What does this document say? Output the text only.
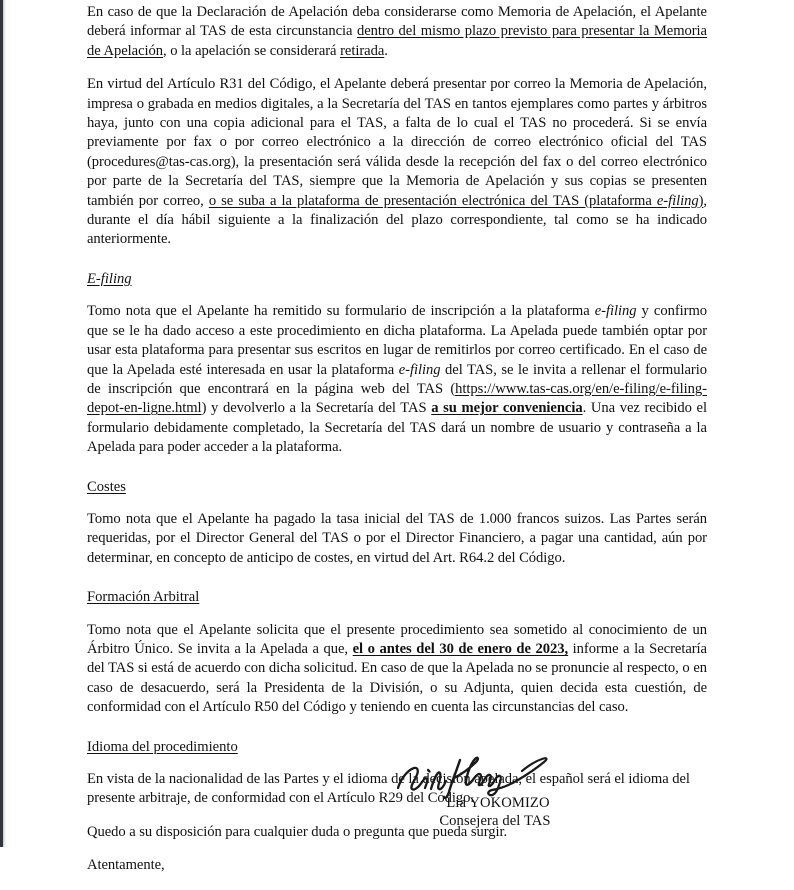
En caso de que la Declaración de Apelación deba considerarse como Memoria de Apelación, el Apelante deberá informar al TAS de esta circunstancia dentro del mismo plazo previsto para presentar la Memoria de Apelación, o la apelación se considerará retirada.

En virtud del Artículo R31 del Código, el Apelante deberá presentar por correo la Memoria de Apelación, impresa o grabada en medios digitales, a la Secretaría del TAS en tantos ejemplares como partes y árbitros haya, junto con una copia adicional para el TAS, a falta de lo cual el TAS no procederá. Si se envía previamente por fax o por correo electrónico a la dirección de correo electrónico oficial del TAS (procedures@tas-cas.org), la presentación será válida desde la recepción del fax o del correo electrónico por parte de la Secretaría del TAS, siempre que la Memoria de Apelación y sus copias se presenten también por correo, o se suba a la plataforma de presentación electrónica del TAS (plataforma e-filing), durante el día hábil siguiente a la finalización del plazo correspondiente, tal como se ha indicado anteriormente.

E-filing

Tomo nota que el Apelante ha remitido su formulario de inscripción a la plataforma e-filing y confirmo que se le ha dado acceso a este procedimiento en dicha plataforma. La Apelada puede también optar por usar esta plataforma para presentar sus escritos en lugar de remitirlos por correo certificado. En el caso de que la Apelada esté interesada en usar la plataforma e-filing del TAS, se le invita a rellenar el formulario de inscripción que encontrará en la página web del TAS (https://www.tas-cas.org/en/e-filing/e-filing-depot-en-ligne.html) y devolverlo a la Secretaría del TAS a su mejor conveniencia. Una vez recibido el formulario debidamente completado, la Secretaría del TAS dará un nombre de usuario y contraseña a la Apelada para poder acceder a la plataforma.

Costes

Tomo nota que el Apelante ha pagado la tasa inicial del TAS de 1.000 francos suizos. Las Partes serán requeridas, por el Director General del TAS o por el Director Financiero, a pagar una cantidad, aún por determinar, en concepto de anticipo de costes, en virtud del Art. R64.2 del Código.

Formación Arbitral

Tomo nota que el Apelante solicita que el presente procedimiento sea sometido al conocimiento de un Árbitro Único. Se invita a la Apelada a que, el o antes del 30 de enero de 2023, informe a la Secretaría del TAS si está de acuerdo con dicha solicitud. En caso de que la Apelada no se pronuncie al respecto, o en caso de desacuerdo, será la Presidenta de la División, o su Adjunta, quien decida esta cuestión, de conformidad con el Artículo R50 del Código y teniendo en cuenta las circunstancias del caso.

Idioma del procedimiento

En vista de la nacionalidad de las Partes y el idioma de la decisión apelada, el español será el idioma del presente arbitraje, de conformidad con el Artículo R29 del Código.

Quedo a su disposición para cualquier duda o pregunta que pueda surgir.

Atentamente,

Lia YOKOMIZO
Consejera del TAS
